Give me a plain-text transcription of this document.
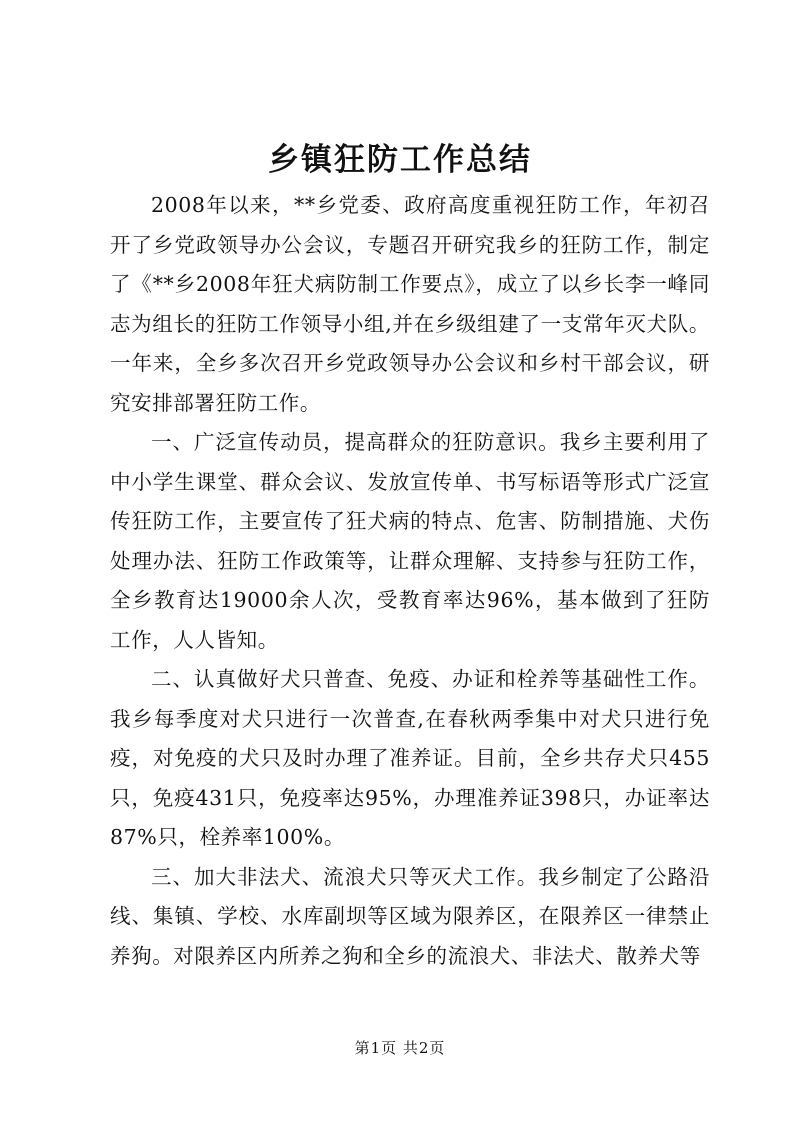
乡镇狂防工作总结

2008年以来，**乡党委、政府高度重视狂防工作，年初召开了乡党政领导办公会议，专题召开研究我乡的狂防工作，制定了《**乡2008年狂犬病防制工作要点》，成立了以乡长李一峰同志为组长的狂防工作领导小组,并在乡级组建了一支常年灭犬队。一年来，全乡多次召开乡党政领导办公会议和乡村干部会议，研究安排部署狂防工作。

一、广泛宣传动员，提高群众的狂防意识。我乡主要利用了中小学生课堂、群众会议、发放宣传单、书写标语等形式广泛宣传狂防工作，主要宣传了狂犬病的特点、危害、防制措施、犬伤处理办法、狂防工作政策等，让群众理解、支持参与狂防工作，全乡教育达19000余人次，受教育率达96%，基本做到了狂防工作，人人皆知。

二、认真做好犬只普查、免疫、办证和栓养等基础性工作。我乡每季度对犬只进行一次普查,在春秋两季集中对犬只进行免疫，对免疫的犬只及时办理了准养证。目前，全乡共存犬只455只，免疫431只，免疫率达95%，办理准养证398只，办证率达87%只，栓养率100%。

三、加大非法犬、流浪犬只等灭犬工作。我乡制定了公路沿线、集镇、学校、水库副坝等区域为限养区，在限养区一律禁止养狗。对限养区内所养之狗和全乡的流浪犬、非法犬、散养犬等

第1页 共2页
